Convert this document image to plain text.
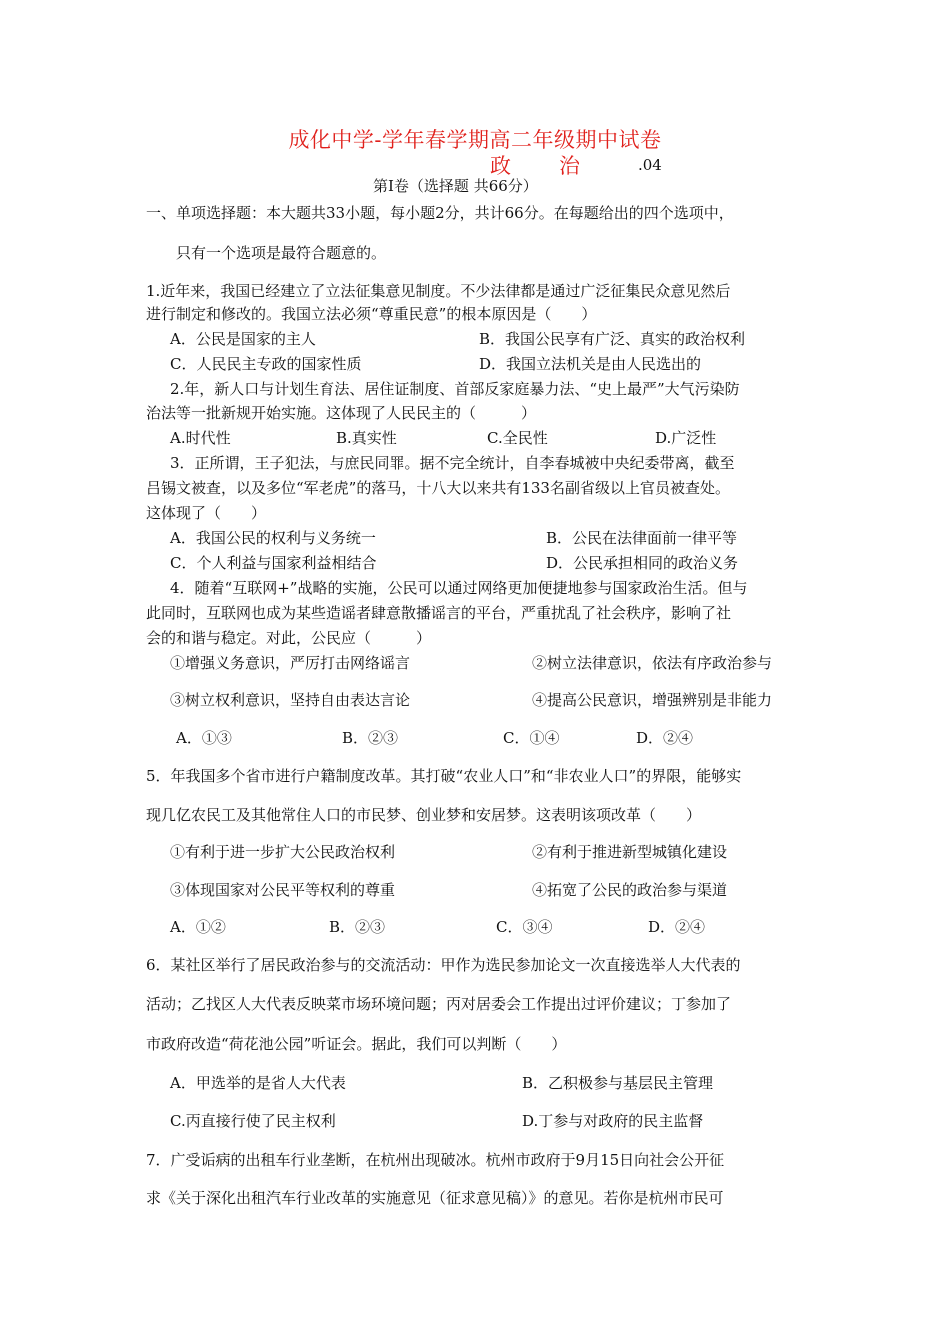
成化中学-学年春学期高二年级期中试卷
政 治	.04
第Ⅰ卷（选择题 共66分）
一、单项选择题：本大题共33小题，每小题2分，共计66分。在每题给出的四个选项中，
只有一个选项是最符合题意的。
1.近年来，我国已经建立了立法征集意见制度。不少法律都是通过广泛征集民众意见然后
进行制定和修改的。我国立法必须“尊重民意”的根本原因是（　　）
A．公民是国家的主人	B．我国公民享有广泛、真实的政治权利
C．人民民主专政的国家性质	D．我国立法机关是由人民选出的
2.年，新人口与计划生育法、居住证制度、首部反家庭暴力法、“史上最严”大气污染防
治法等一批新规开始实施。这体现了人民民主的（　　　）
A.时代性	B.真实性	C.全民性	D.广泛性
3．正所谓，王子犯法，与庶民同罪。据不完全统计，自李春城被中央纪委带离，截至
吕锡文被查，以及多位“军老虎”的落马，十八大以来共有133名副省级以上官员被查处。
这体现了（　　）
A．我国公民的权利与义务统一	B．公民在法律面前一律平等
C．个人利益与国家利益相结合	D．公民承担相同的政治义务
4．随着“互联网+”战略的实施，公民可以通过网络更加便捷地参与国家政治生活。但与
此同时，互联网也成为某些造谣者肆意散播谣言的平台，严重扰乱了社会秩序，影响了社
会的和谐与稳定。对此，公民应（　　　）
①增强义务意识，严厉打击网络谣言	②树立法律意识，依法有序政治参与
③树立权利意识，坚持自由表达言论	④提高公民意识，增强辨别是非能力
A．①③	B．②③	C．①④	D．②④
5．年我国多个省市进行户籍制度改革。其打破“农业人口”和“非农业人口”的界限，能够实
现几亿农民工及其他常住人口的市民梦、创业梦和安居梦。这表明该项改革（　　）
①有利于进一步扩大公民政治权利	②有利于推进新型城镇化建设
③体现国家对公民平等权利的尊重	④拓宽了公民的政治参与渠道
A．①②	B．②③	C．③④	D．②④
6．某社区举行了居民政治参与的交流活动：甲作为选民参加论文一次直接选举人大代表的
活动；乙找区人大代表反映菜市场环境问题；丙对居委会工作提出过评价建议；丁参加了
市政府改造“荷花池公园”听证会。据此，我们可以判断（　　）
A．甲选举的是省人大代表	B．乙积极参与基层民主管理
C.丙直接行使了民主权利	D.丁参与对政府的民主监督
7．广受诟病的出租车行业垄断，在杭州出现破冰。杭州市政府于9月15日向社会公开征
求《关于深化出租汽车行业改革的实施意见（征求意见稿）》的意见。若你是杭州市民可
